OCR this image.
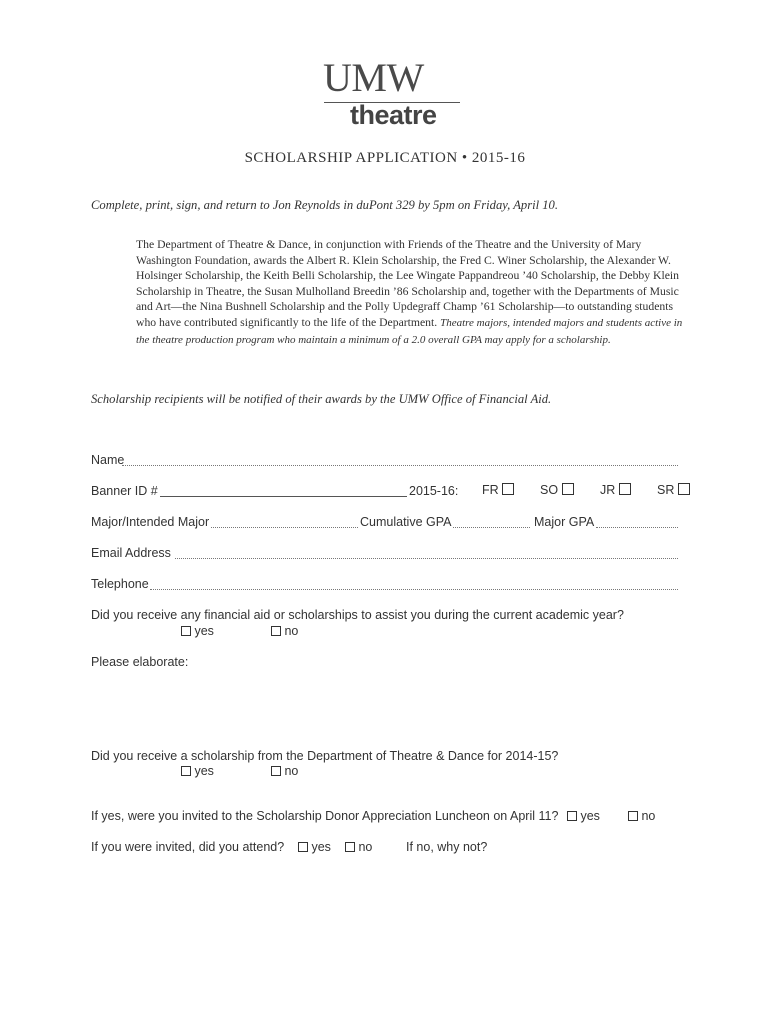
UMW
theatre
SCHOLARSHIP APPLICATION • 2015-16
Complete, print, sign, and return to Jon Reynolds in duPont 329 by 5pm on Friday, April 10.
The Department of Theatre & Dance, in conjunction with Friends of the Theatre and the University of Mary Washington Foundation, awards the Albert R. Klein Scholarship, the Fred C. Winer Scholarship, the Alexander W. Holsinger Scholarship, the Keith Belli Scholarship, the Lee Wingate Pappandreou ’40 Scholarship, the Debby Klein Scholarship in Theatre, the Susan Mulholland Breedin ’86 Scholarship and, together with the Departments of Music and Art—the Nina Bushnell Scholarship and the Polly Updegraff Champ ’61 Scholarship—to outstanding students who have contributed significantly to the life of the Department. Theatre majors, intended majors and students active in the theatre production program who maintain a minimum of a 2.0 overall GPA may apply for a scholarship.
Scholarship recipients will be notified of their awards by the UMW Office of Financial Aid.
Name
Banner ID #	2015-16: FR	SO	JR	SR
Major/Intended Major	Cumulative GPA	Major GPA
Email Address
Telephone
Did you receive any financial aid or scholarships to assist you during the current academic year?
yes	no
Please elaborate:
Did you receive a scholarship from the Department of Theatre & Dance for 2014-15?
yes	no
If yes, were you invited to the Scholarship Donor Appreciation Luncheon on April 11?	yes	no
If you were invited, did you attend?	yes	no	If no, why not?
